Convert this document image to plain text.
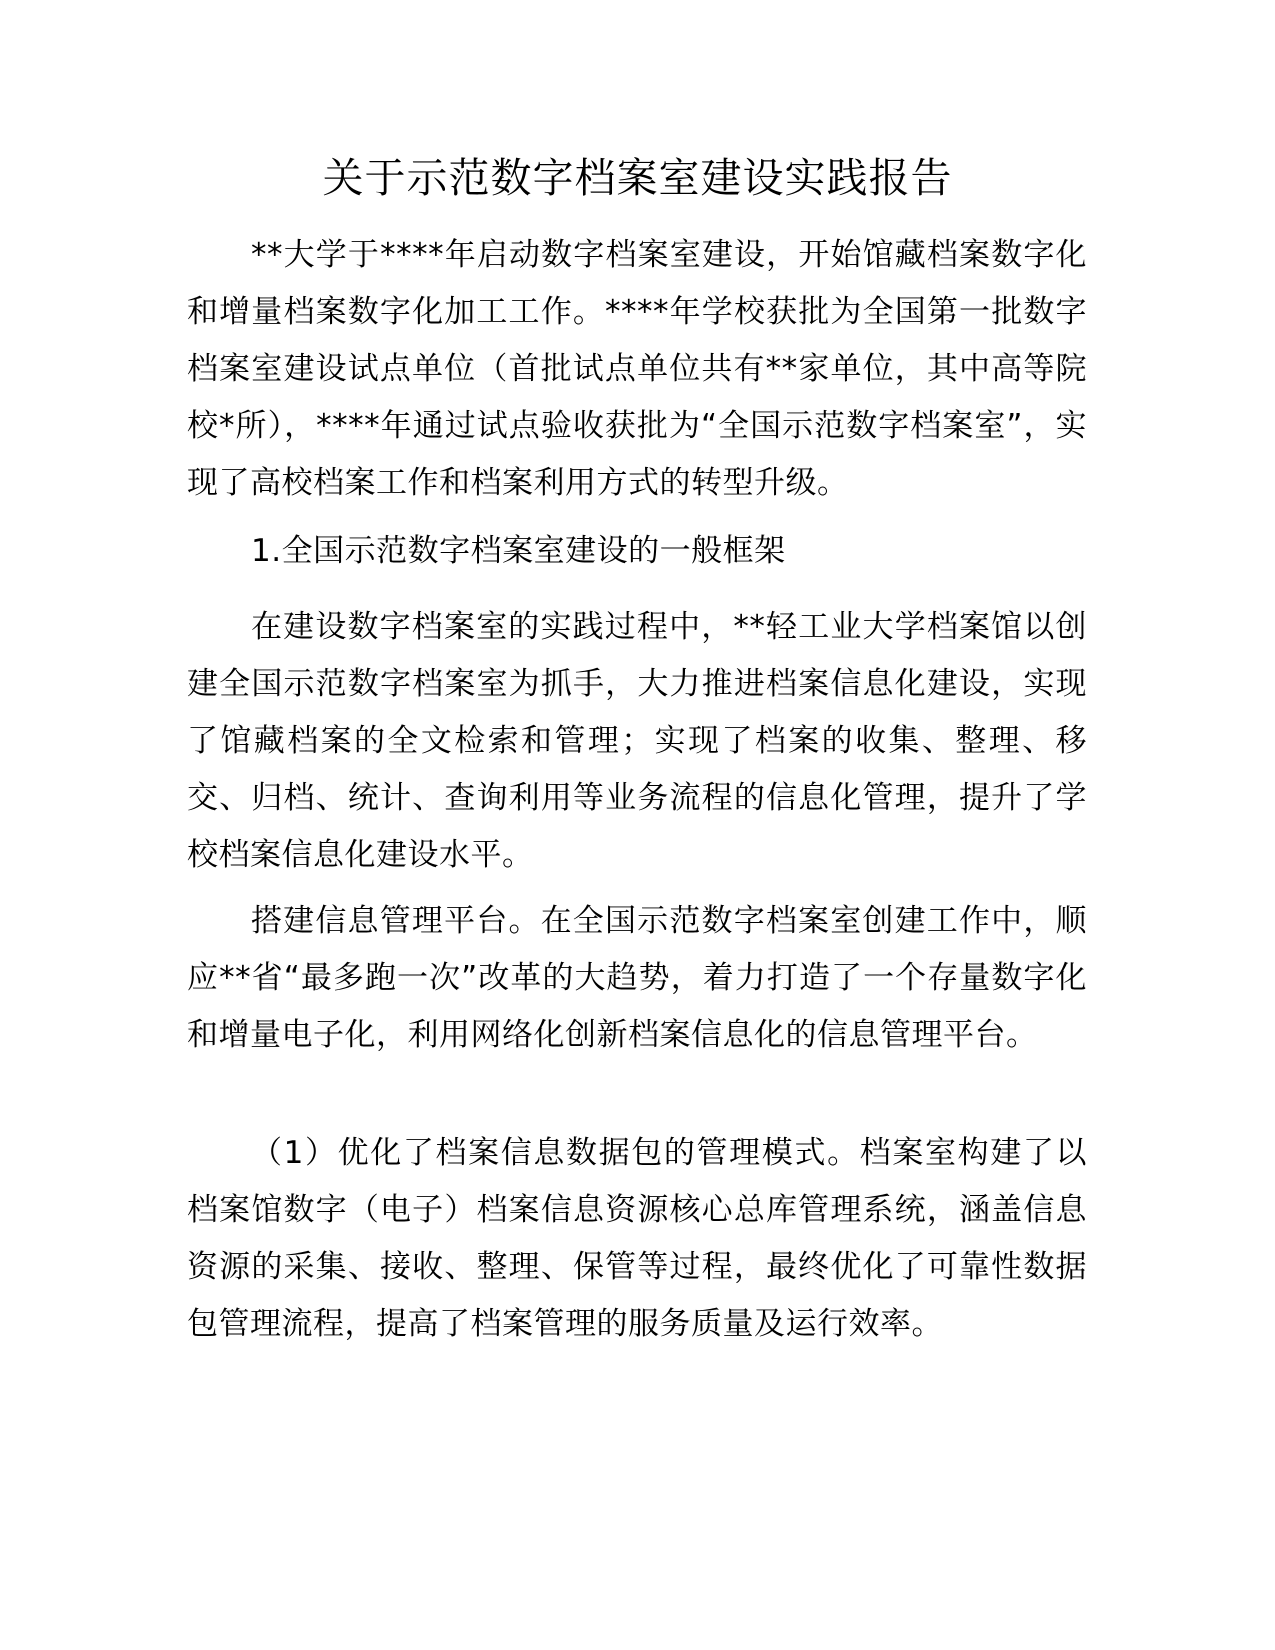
关于示范数字档案室建设实践报告

**大学于****年启动数字档案室建设，开始馆藏档案数字化和增量档案数字化加工工作。****年学校获批为全国第一批数字档案室建设试点单位（首批试点单位共有**家单位，其中高等院校*所），****年通过试点验收获批为“全国示范数字档案室”，实现了高校档案工作和档案利用方式的转型升级。

1.全国示范数字档案室建设的一般框架

在建设数字档案室的实践过程中，**轻工业大学档案馆以创建全国示范数字档案室为抓手，大力推进档案信息化建设，实现了馆藏档案的全文检索和管理；实现了档案的收集、整理、移交、归档、统计、查询利用等业务流程的信息化管理，提升了学校档案信息化建设水平。

搭建信息管理平台。在全国示范数字档案室创建工作中，顺应**省“最多跑一次”改革的大趋势，着力打造了一个存量数字化和增量电子化，利用网络化创新档案信息化的信息管理平台。

（1）优化了档案信息数据包的管理模式。档案室构建了以档案馆数字（电子）档案信息资源核心总库管理系统，涵盖信息资源的采集、接收、整理、保管等过程，最终优化了可靠性数据包管理流程，提高了档案管理的服务质量及运行效率。
